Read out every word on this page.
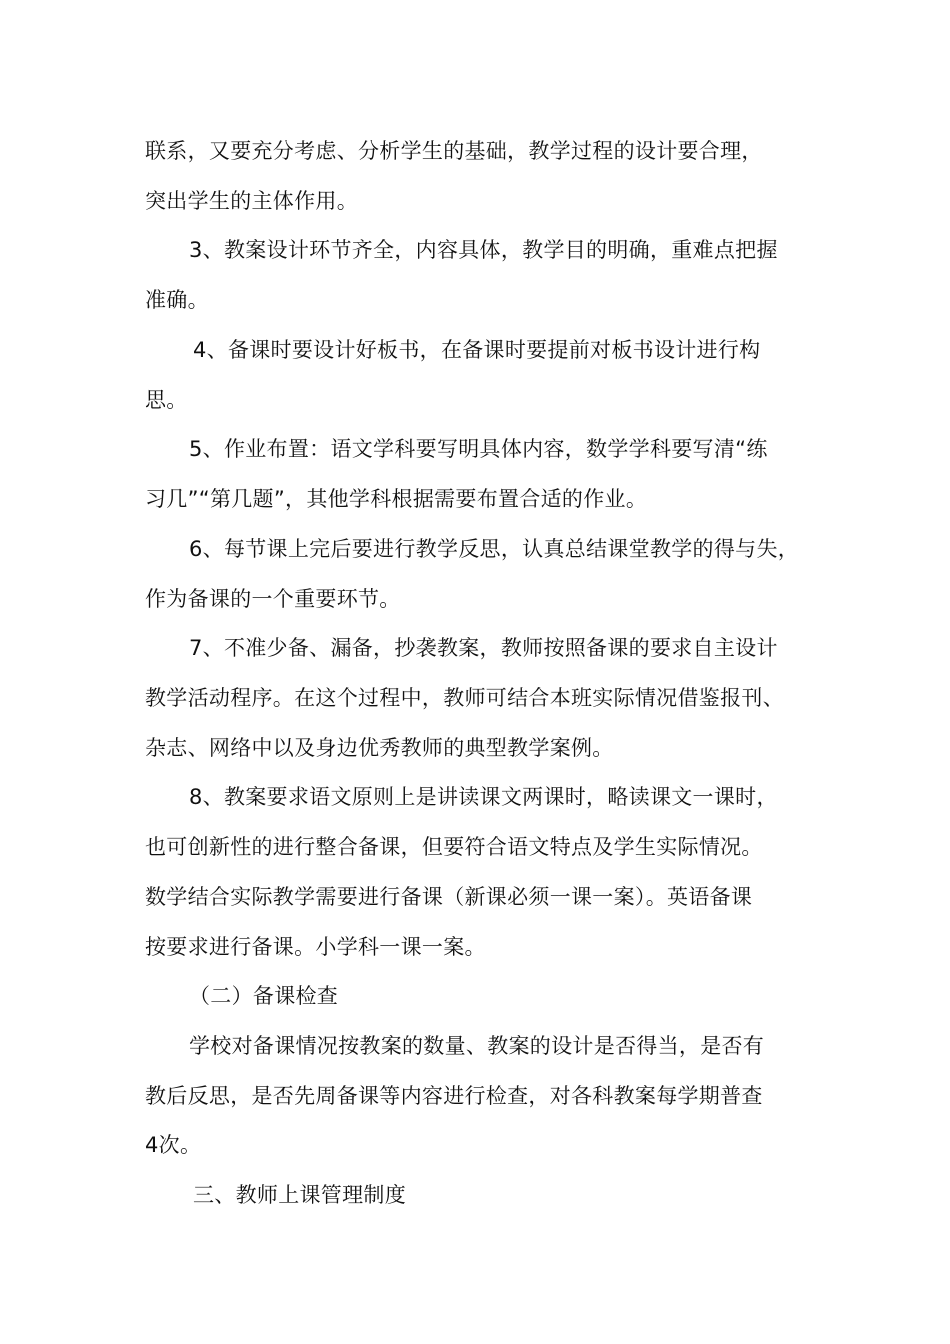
联系，又要充分考虑、分析学生的基础，教学过程的设计要合理，
突出学生的主体作用。
3、教案设计环节齐全，内容具体，教学目的明确，重难点把握
准确。
4、备课时要设计好板书，在备课时要提前对板书设计进行构
思。
5、作业布置：语文学科要写明具体内容，数学学科要写清“练
习几”“第几题”，其他学科根据需要布置合适的作业。
6、每节课上完后要进行教学反思，认真总结课堂教学的得与失，
作为备课的一个重要环节。
7、不准少备、漏备，抄袭教案，教师按照备课的要求自主设计
教学活动程序。在这个过程中，教师可结合本班实际情况借鉴报刊、
杂志、网络中以及身边优秀教师的典型教学案例。
8、教案要求语文原则上是讲读课文两课时，略读课文一课时，
也可创新性的进行整合备课，但要符合语文特点及学生实际情况。
数学结合实际教学需要进行备课（新课必须一课一案）。英语备课
按要求进行备课。小学科一课一案。
（二）备课检查
学校对备课情况按教案的数量、教案的设计是否得当，是否有
教后反思，是否先周备课等内容进行检查，对各科教案每学期普查
4次。
三、教师上课管理制度
